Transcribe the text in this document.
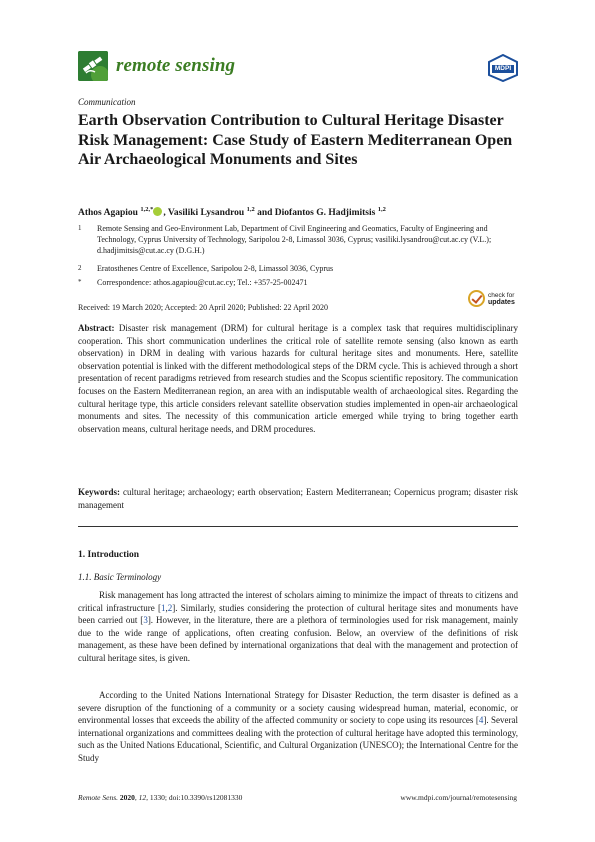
remote sensing	MDPI
Communication
Earth Observation Contribution to Cultural Heritage Disaster Risk Management: Case Study of Eastern Mediterranean Open Air Archaeological Monuments and Sites
Athos Agapiou $^{1,2,*}$ , Vasiliki Lysandrou $^{1,2}$ and Diofantos G. Hadjimitsis $^{1,2}$
1	Remote Sensing and Geo-Environment Lab, Department of Civil Engineering and Geomatics, Faculty of Engineering and Technology, Cyprus University of Technology, Saripolou 2-8, Limassol 3036, Cyprus; vasiliki.lysandrou@cut.ac.cy (V.L.); d.hadjimitsis@cut.ac.cy (D.G.H.)
2	Eratosthenes Centre of Excellence, Saripolou 2-8, Limassol 3036, Cyprus
*	Correspondence: athos.agapiou@cut.ac.cy; Tel.: +357-25-002471
Received: 19 March 2020; Accepted: 20 April 2020; Published: 22 April 2020
check for
updates
Abstract: Disaster risk management (DRM) for cultural heritage is a complex task that requires multidisciplinary cooperation. This short communication underlines the critical role of satellite remote sensing (also known as earth observation) in DRM in dealing with various hazards for cultural heritage sites and monuments. Here, satellite observation potential is linked with the different methodological steps of the DRM cycle. This is achieved through a short presentation of recent paradigms retrieved from research studies and the Scopus scientific repository. The communication focuses on the Eastern Mediterranean region, an area with an indisputable wealth of archaeological sites. Regarding the cultural heritage type, this article considers relevant satellite observation studies implemented in open-air archaeological monuments and sites. The necessity of this communication article emerged while trying to bring together earth observation means, cultural heritage needs, and DRM procedures.
Keywords: cultural heritage; archaeology; earth observation; Eastern Mediterranean; Copernicus program; disaster risk management
1. Introduction
1.1. Basic Terminology
Risk management has long attracted the interest of scholars aiming to minimize the impact of threats to citizens and critical infrastructure [1,2]. Similarly, studies considering the protection of cultural heritage sites and monuments have been carried out [3]. However, in the literature, there are a plethora of terminologies used for risk management, mainly due to the wide range of applications, often creating confusion. Below, an overview of the definitions of risk management, as these have been defined by international organizations that deal with the management and protection of cultural heritage sites, is given.
According to the United Nations International Strategy for Disaster Reduction, the term disaster is defined as a severe disruption of the functioning of a community or a society causing widespread human, material, economic, or environmental losses that exceeds the ability of the affected community or society to cope using its resources [4]. Several international organizations and committees dealing with the protection of cultural heritage have adopted this terminology, such as the United Nations Educational, Scientific, and Cultural Organization (UNESCO); the International Centre for the Study
Remote Sens. 2020, 12, 1330; doi:10.3390/rs12081330	www.mdpi.com/journal/remotesensing
